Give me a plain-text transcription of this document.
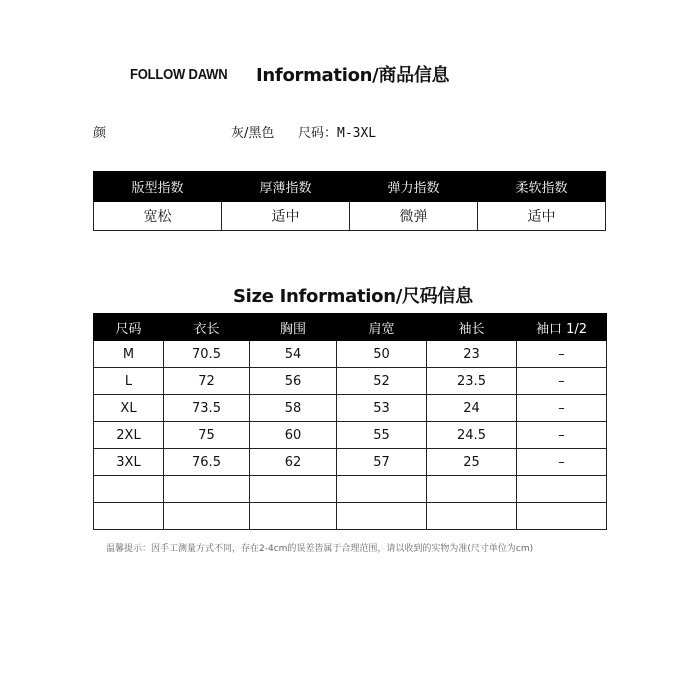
FOLLOW DAWN Information/商品信息
颜	灰/黑色 尺码：M-3XL
版型指数	厚薄指数	弹力指数	柔软指数
宽松	适中	微弹	适中
Size Information/尺码信息
尺码	衣长	胸围	肩宽	袖长	袖口 1/2
M	70.5	54	50	23	–
L	72	56	52	23.5	–
XL	73.5	58	53	24	–
2XL	75	60	55	24.5	–
3XL	76.5	62	57	25	–

温馨提示：因手工测量方式不同，存在2-4cm的误差皆属于合理范围，请以收到的实物为准(尺寸单位为cm)
